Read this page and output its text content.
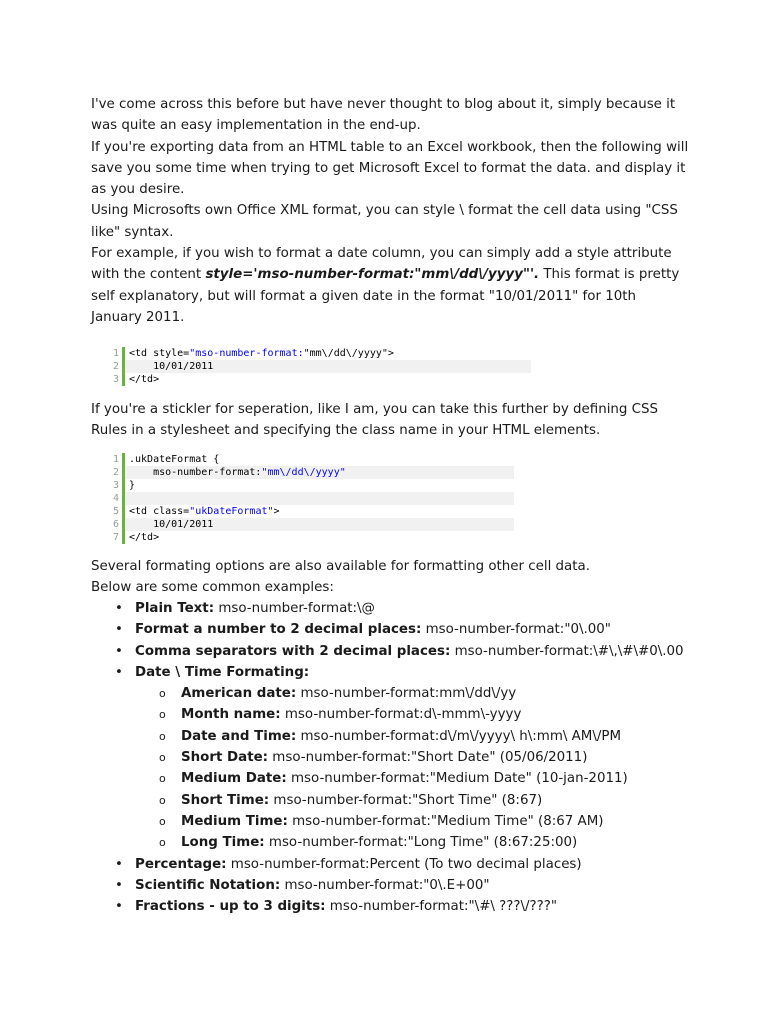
I've come across this before but have never thought to blog about it, simply because it was quite an easy implementation in the end-up.

If you're exporting data from an HTML table to an Excel workbook, then the following will save you some time when trying to get Microsoft Excel to format the data. and display it as you desire.

Using Microsofts own Office XML format, you can style \ format the cell data using "CSS like" syntax.

For example, if you wish to format a date column, you can simply add a style attribute with the content style='mso-number-format:"mm\/dd\/yyyy"'. This format is pretty self explanatory, but will format a given date in the format "10/01/2011" for 10th January 2011.

1	<td style="mso-number-format:"mm\/dd\/yyyy">
2	10/01/2011
3	</td>

If you're a stickler for seperation, like I am, you can take this further by defining CSS Rules in a stylesheet and specifying the class name in your HTML elements.

1	.ukDateFormat {
2	mso-number-format:"mm\/dd\/yyyy"
3	}
4
5	<td class="ukDateFormat">
6	10/01/2011
7	</td>

Several formating options are also available for formatting other cell data.

Below are some common examples:

• Plain Text: mso-number-format:\@
• Format a number to 2 decimal places: mso-number-format:"0\.00"
• Comma separators with 2 decimal places: mso-number-format:\#\,\#\#0\.00
• Date \ Time Formating:
o American date: mso-number-format:mm\/dd\/yy
o Month name: mso-number-format:d\-mmm\-yyyy
o Date and Time: mso-number-format:d\/m\/yyyy\ h\:mm\ AM\/PM
o Short Date: mso-number-format:"Short Date" (05/06/2011)
o Medium Date: mso-number-format:"Medium Date" (10-jan-2011)
o Short Time: mso-number-format:"Short Time" (8:67)
o Medium Time: mso-number-format:"Medium Time" (8:67 AM)
o Long Time: mso-number-format:"Long Time" (8:67:25:00)
• Percentage: mso-number-format:Percent (To two decimal places)
• Scientific Notation: mso-number-format:"0\.E+00"
• Fractions - up to 3 digits: mso-number-format:"\#\ ???\/???"
